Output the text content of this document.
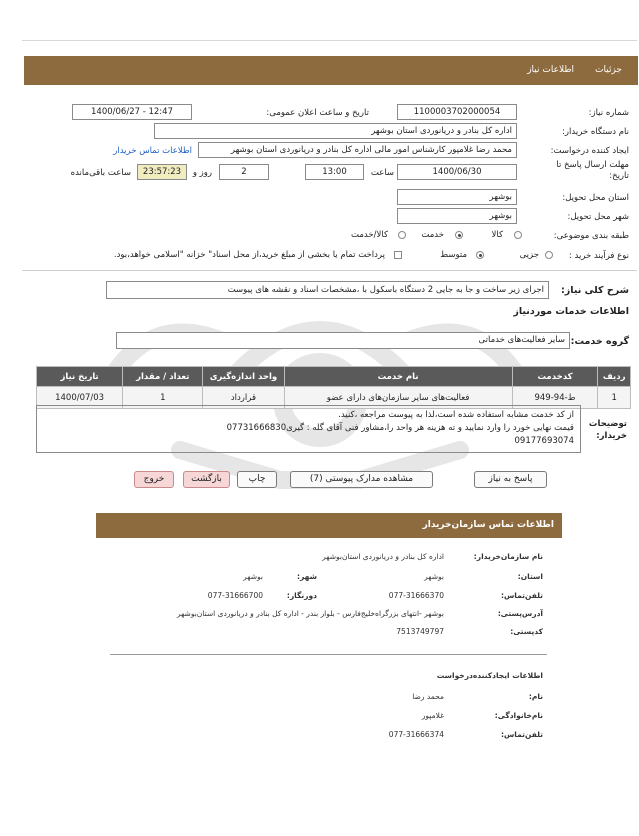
جزئیات
اطلاعات نیاز
شماره نیاز:
1100003702000054
تاریخ و ساعت اعلان عمومی:
1400/06/27 - 12:47
نام دستگاه خریدار:
اداره کل بنادر و دریانوردی استان بوشهر
ایجاد کننده درخواست:
محمد رضا غلامپور کارشناس امور مالی اداره کل بنادر و دریانوردی استان بوشهر
اطلاعات تماس خریدار
مهلت ارسال پاسخ تا تاریخ:
1400/06/30
ساعت
13:00
2
روز و
23:57:23
ساعت باقی‌مانده
استان محل تحویل:
بوشهر
شهر محل تحویل:
بوشهر
طبقه بندی موضوعی:
کالا
خدمت
کالا/خدمت
نوع فرآیند خرید :
جزیی
متوسط
پرداخت تمام یا بخشی از مبلغ خرید،از محل اسناد" خزانه "اسلامی خواهد،بود.
شرح کلی نیاز:
اجرای زیر ساخت و جا به جایی 2 دستگاه باسکول با ،مشخصات اسناد و نقشه های پیوست
اطلاعات خدمات موردنیاز
گروه خدمت:
سایر فعالیت‌های خدماتی
ردیف	کدخدمت	نام خدمت	واحد اندازه‌گیری	تعداد / مقدار	تاریخ نیاز
1	ط-94-949	فعالیت‌های سایر سازمان‌های دارای عضو	قرارداد	1	1400/07/03
توضیحات خریدار:
از کد خدمت مشابه استفاده شده است،لذا به پیوست مراجعه ،کنید.
قیمت نهایی خورد را وارد نمایید و ته هزینه هر واحد را،مشاور فنی آقای گله : گیری07731666830
09177693074
پاسخ به نیاز
مشاهده مدارک پیوستی (7)
چاپ
بازگشت
خروج
اطلاعات تماس سازمان‌خریدار
نام سازمان‌خریدار:
اداره کل بنادر و دریانوردی استان‌بوشهر
استان:
بوشهر
شهر:
بوشهر
تلفن‌تماس:
077-31666370
دورنگار:
077-31666700
آدرس‌پستی:
بوشهر -انتهای بزرگراه‌خلیج‌فارس - بلوار بندر - اداره کل بنادر و دریانوردی استان‌بوشهر
کدپستی:
7513749797
اطلاعات ایجادکننده‌درخواست
نام:
محمد رضا
نام‌خانوادگی:
غلامپور
تلفن‌تماس:
077-31666374
